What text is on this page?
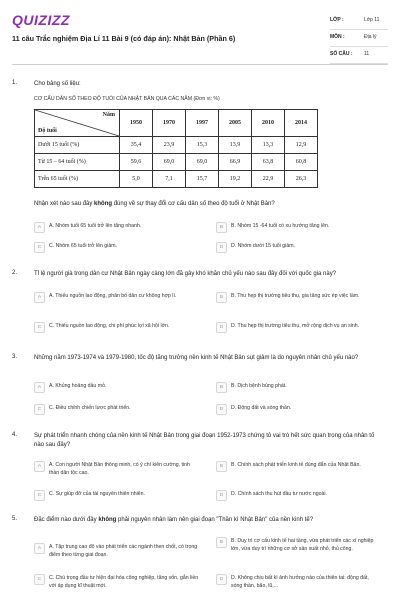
QUIZIZZ
11 câu Trắc nghiệm Địa Lí 11 Bài 9 (có đáp án): Nhật Bản (Phần 6)
LỚP :	Lớp 11
MÔN :	Địa lý
SỐ CÂU : 11
1.	Cho bảng số liệu:
CƠ CẤU DÂN SỐ THEO ĐỘ TUỔI CỦA NHẬT BẢN QUA CÁC NĂM (Đơn vị: %)
Năm
Độ tuổi	1950	1970	1997	2005	2010	2014
Dưới 15 tuổi (%)	35,4	23,9	15,3	13,9	13,3	12,9
Từ 15 – 64 tuổi (%)	59,6	69,0	69,0	66,9	63,8	60,8
Trên 65 tuổi (%)	5,0	7,1	15,7	19,2	22,9	26,3
Nhận xét nào sau đây không đúng về sự thay đổi cơ cấu dân số theo độ tuổi ở Nhật Bản?
A	A. Nhóm tuổi 65 tuổi trở lên tăng nhanh.	B	B. Nhóm 15 -64 tuổi có xu hướng tăng lên.
C	C. Nhóm 65 tuổi trở lên giảm.	D	D. Nhóm dưới 15 tuổi giảm.
2.	Tỉ lệ người già trong dân cư Nhật Bản ngày càng lớn đã gây khó khăn chủ yếu nào sau đây đối với quốc gia này?
A	A. Thiếu nguồn lao động, phân bố dân cư không hợp lí.	B	B. Thu hẹp thị trường tiêu thụ, gia tăng sức ép việc làm.
C	C. Thiếu nguồn lao động, chi phí phúc lợi xã hội lớn.	D	D. Thu hẹp thị trường tiêu thụ, mở rộng dịch vụ an sinh.
3.	Những năm 1973-1974 và 1979-1980, tốc độ tăng trưởng nền kinh tế Nhật Bản sụt giảm là do nguyên nhân chủ yếu nào?
A	A. Khủng hoảng dầu mỏ.	B	B. Dịch bệnh bùng phát.
C	C. Điều chỉnh chiến lược phát triển.	D	D. Động đất và sóng thần.
4.	Sự phát triển nhanh chóng của nền kinh tế Nhật Bản trong giai đoạn 1952-1973 chứng tỏ vai trò hết sức quan trọng của nhân tố nào sau đây?
A	A. Con người Nhật Bản thông minh, có ý chí kiên cường, tinh thần dân tộc cao.
B	B. Chính sách phát triển kinh tế đúng đắn của Nhật Bản.
C	C. Sự giúp đỡ của tài nguyên thiên nhiên.	D	D. Chính sách thu hút đầu tư nước ngoài.
5.	Đặc điểm nào dưới đây không phải nguyên nhân làm nên giai đoạn "Thần kì Nhật Bản" của nền kinh tế?
A	A. Tập trung cao độ vào phát triển các ngành then chốt, có trọng điểm theo từng giai đoạn.
B	B. Duy trì cơ cấu kinh tế hai tầng, vừa phát triển các xí nghiệp lớn, vừa duy trì những cơ sở sản xuất nhỏ, thủ công.
C	C. Chú trọng đầu tư hiện đại hóa công nghiệp, tăng vốn, gắn liền với áp dụng kĩ thuật mới.
D	D. Không chịu bất kì ảnh hưởng nào của thiên tai: động đất, sóng thần, bão, lũ,...
